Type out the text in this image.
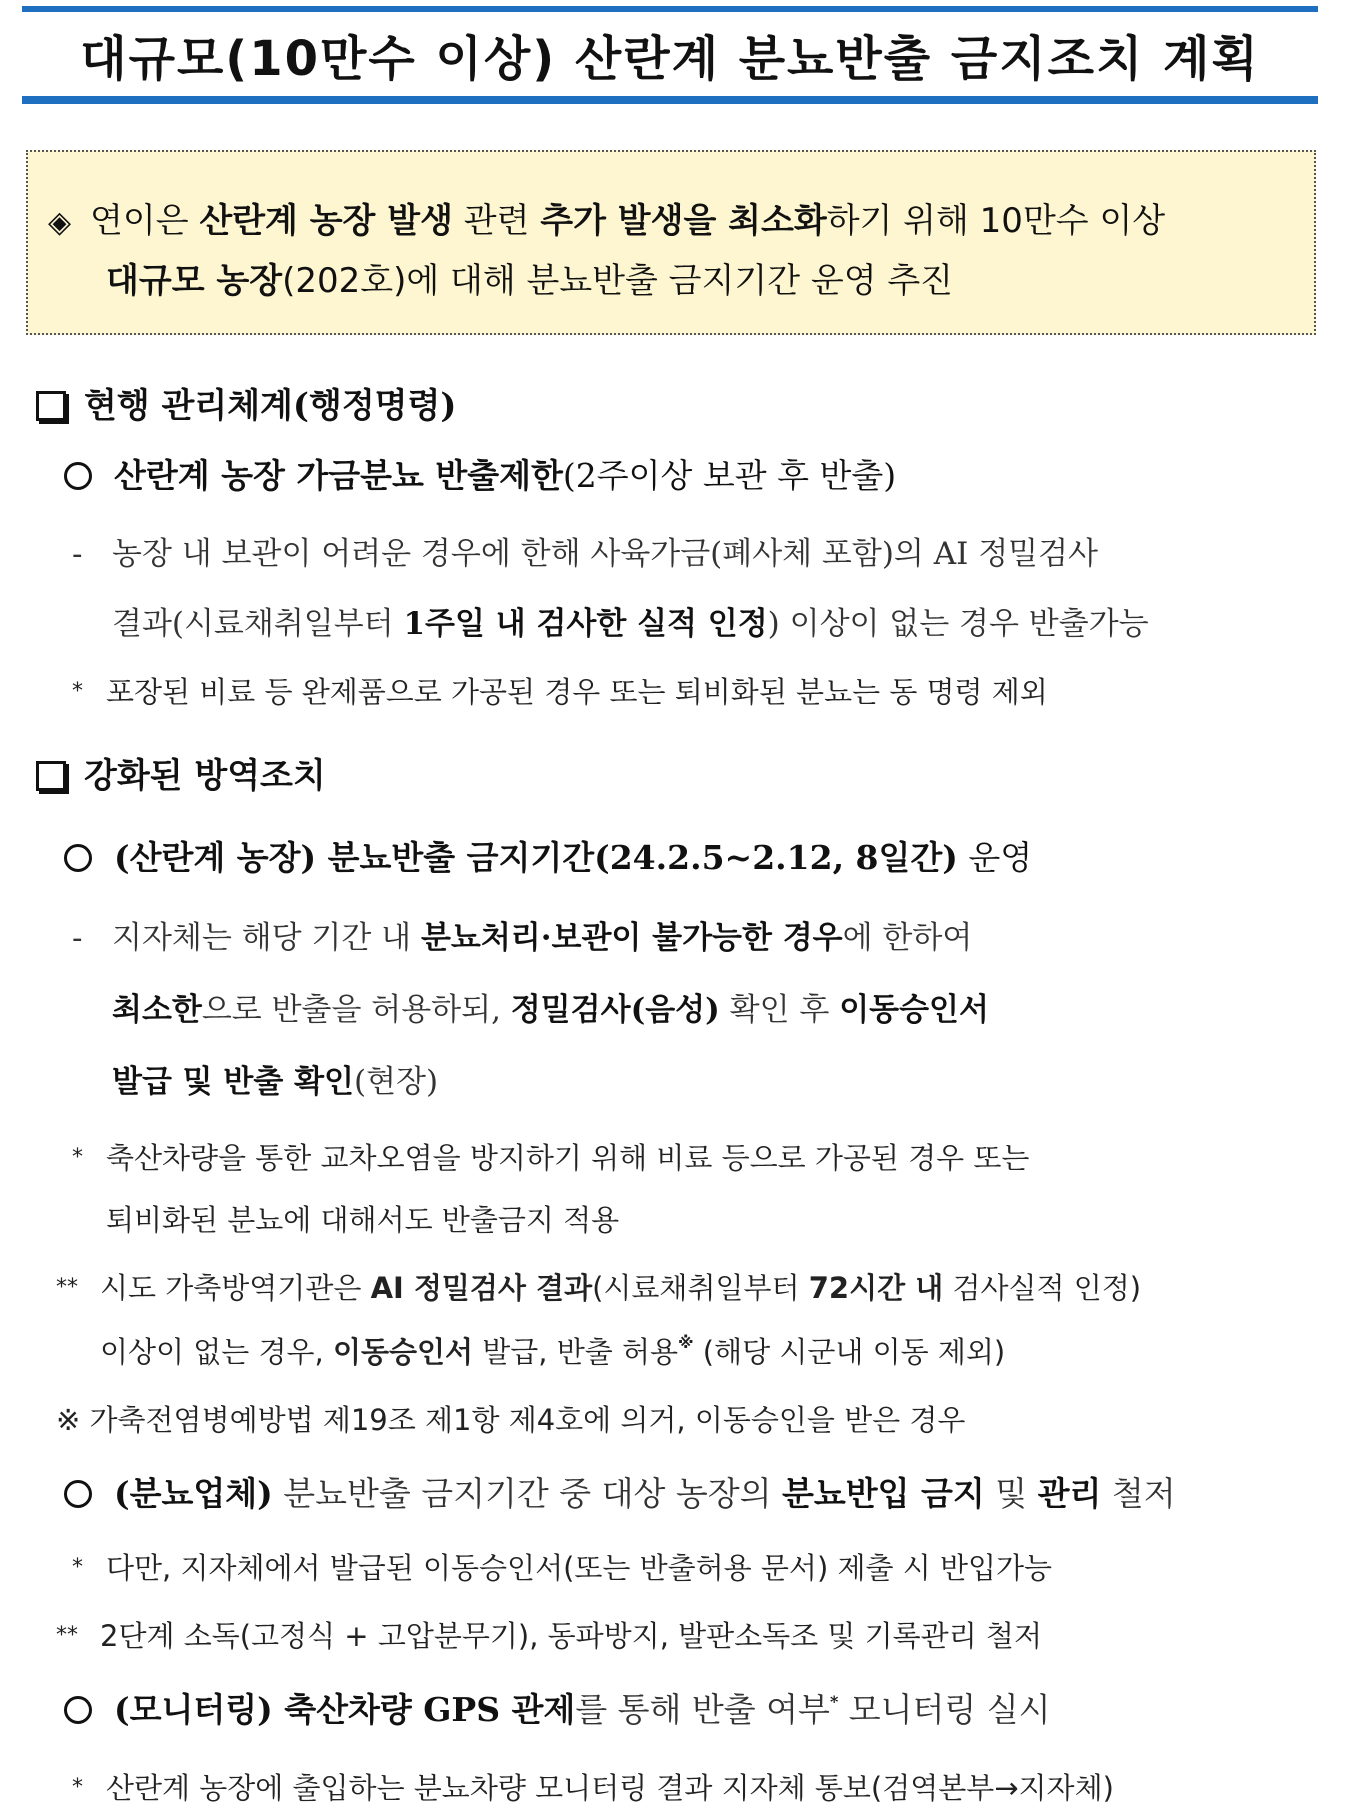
대규모(10만수 이상) 산란계 분뇨반출 금지조치 계획
◈ 연이은 산란계 농장 발생 관련 추가 발생을 최소화하기 위해 10만수 이상
대규모 농장(202호)에 대해 분뇨반출 금지기간 운영 추진
현행 관리체계(행정명령)
산란계 농장 가금분뇨 반출제한(2주이상 보관 후 반출)
- 농장 내 보관이 어려운 경우에 한해 사육가금(폐사체 포함)의 AI 정밀검사
결과(시료채취일부터 1주일 내 검사한 실적 인정) 이상이 없는 경우 반출가능
* 포장된 비료 등 완제품으로 가공된 경우 또는 퇴비화된 분뇨는 동 명령 제외
강화된 방역조치
(산란계 농장) 분뇨반출 금지기간(24.2.5~2.12, 8일간) 운영
- 지자체는 해당 기간 내 분뇨처리·보관이 불가능한 경우에 한하여
최소한으로 반출을 허용하되, 정밀검사(음성) 확인 후 이동승인서
발급 및 반출 확인(현장)
* 축산차량을 통한 교차오염을 방지하기 위해 비료 등으로 가공된 경우 또는
퇴비화된 분뇨에 대해서도 반출금지 적용
** 시도 가축방역기관은 AI 정밀검사 결과(시료채취일부터 72시간 내 검사실적 인정)
이상이 없는 경우, 이동승인서 발급, 반출 허용※ (해당 시군내 이동 제외)
※ 가축전염병예방법 제19조 제1항 제4호에 의거, 이동승인을 받은 경우
(분뇨업체) 분뇨반출 금지기간 중 대상 농장의 분뇨반입 금지 및 관리 철저
* 다만, 지자체에서 발급된 이동승인서(또는 반출허용 문서) 제출 시 반입가능
** 2단계 소독(고정식 + 고압분무기), 동파방지, 발판소독조 및 기록관리 철저
(모니터링) 축산차량 GPS 관제를 통해 반출 여부* 모니터링 실시
* 산란계 농장에 출입하는 분뇨차량 모니터링 결과 지자체 통보(검역본부→지자체)
